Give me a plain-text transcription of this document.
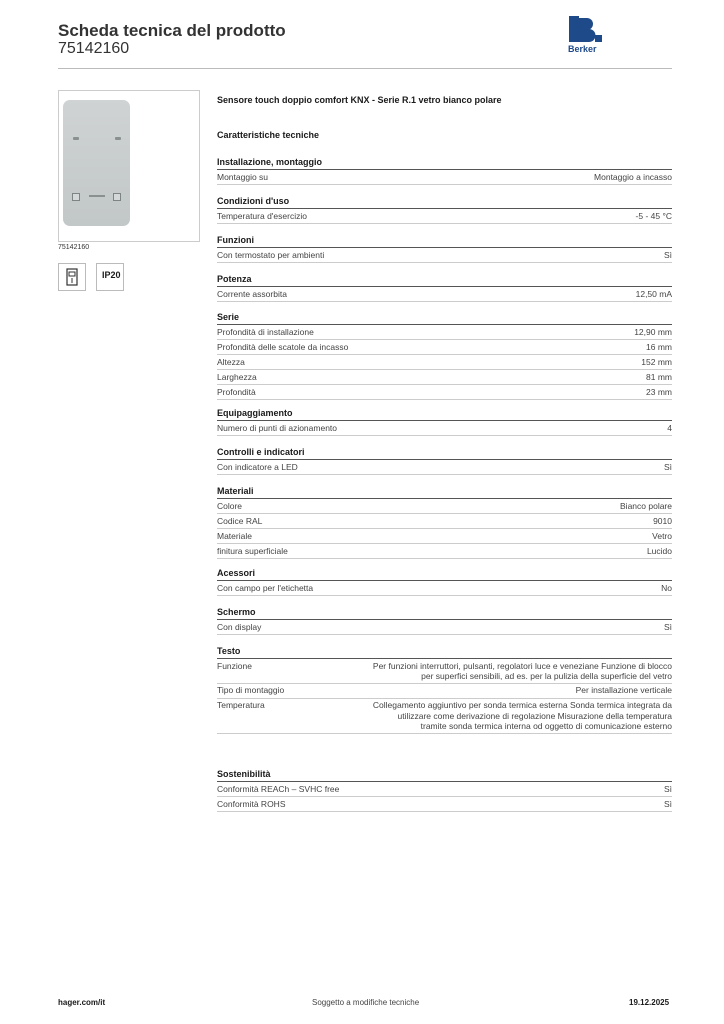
Scheda tecnica del prodotto
75142160	Berker
75142160
IP20
Sensore touch doppio comfort KNX - Serie R.1 vetro bianco polare
Caratteristiche tecniche
Installazione, montaggio
Montaggio su	Montaggio a incasso
Condizioni d'uso
Temperatura d'esercizio	-5 - 45 °C
Funzioni
Con termostato per ambienti	Sì
Potenza
Corrente assorbita	12,50 mA
Serie
Profondità di installazione	12,90 mm
Profondità delle scatole da incasso	16 mm
Altezza	152 mm
Larghezza	81 mm
Profondità	23 mm
Equipaggiamento
Numero di punti di azionamento	4
Controlli e indicatori
Con indicatore a LED	Sì
Materiali
Colore	Bianco polare
Codice RAL	9010
Materiale	Vetro
finitura superficiale	Lucido
Acessori
Con campo per l'etichetta	No
Schermo
Con display	Sì
Testo
Funzione	Per funzioni interruttori, pulsanti, regolatori luce e veneziane Funzione di blocco per superfici sensibili, ad es. per la pulizia della superficie del vetro
Tipo di montaggio	Per installazione verticale
Temperatura	Collegamento aggiuntivo per sonda termica esterna Sonda termica integrata da utilizzare come derivazione di regolazione Misurazione della temperatura tramite sonda termica interna od oggetto di comunicazione esterno
Sostenibilità
Conformità REACh – SVHC free	Sì
Conformità ROHS	Sì
hager.com/it	Soggetto a modifiche tecniche	19.12.2025
